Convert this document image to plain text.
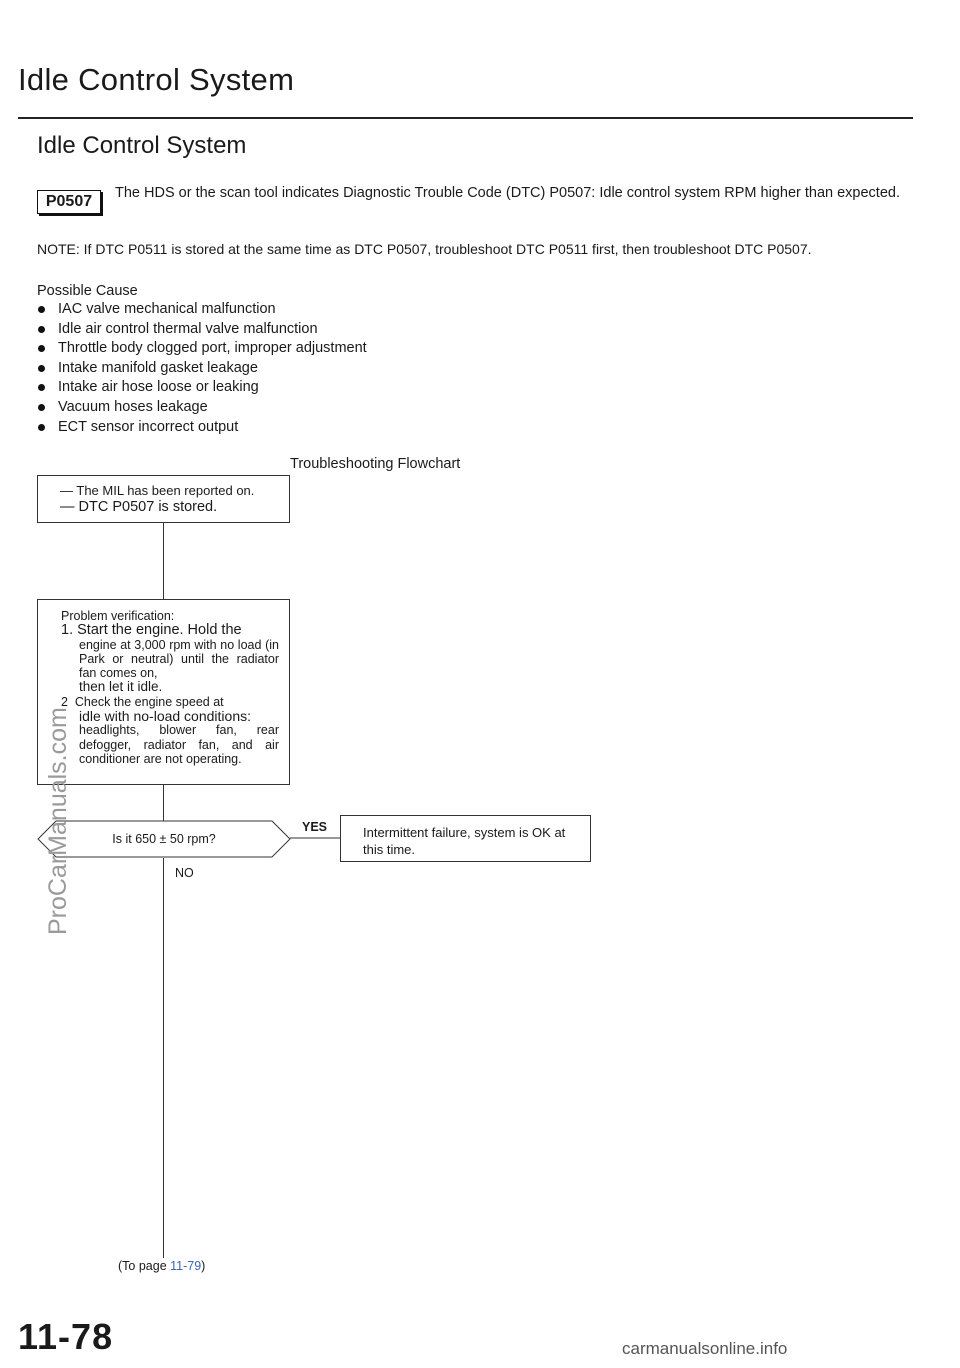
Idle Control System
Idle Control System
P0507	The HDS or the scan tool indicates Diagnostic Trouble Code (DTC) P0507: Idle control system RPM higher than expected.
NOTE: If DTC P0511 is stored at the same time as DTC P0507, troubleshoot DTC P0511 first, then troubleshoot DTC P0507.
Possible Cause
IAC valve mechanical malfunction
Idle air control thermal valve malfunction
Throttle body clogged port, improper adjustment
Intake manifold gasket leakage
Intake air hose loose or leaking
Vacuum hoses leakage
ECT sensor incorrect output
Troubleshooting Flowchart
— The MIL has been reported on.
— DTC P0507 is stored.
Problem verification:
1. Start the engine. Hold the
engine at 3,000 rpm with no load (in Park or neutral) until the radiator fan comes on,
then let it idle.
2 Check the engine speed at
idle with no-load conditions:
headlights, blower fan, rear defogger, radiator fan, and air conditioner are not operating.
Is it 650 ± 50 rpm?
YES	Intermittent failure, system is OK at this time.
NO
(To page 11-79)
11-78
ProCarManuals.com
carmanualsonline.info
